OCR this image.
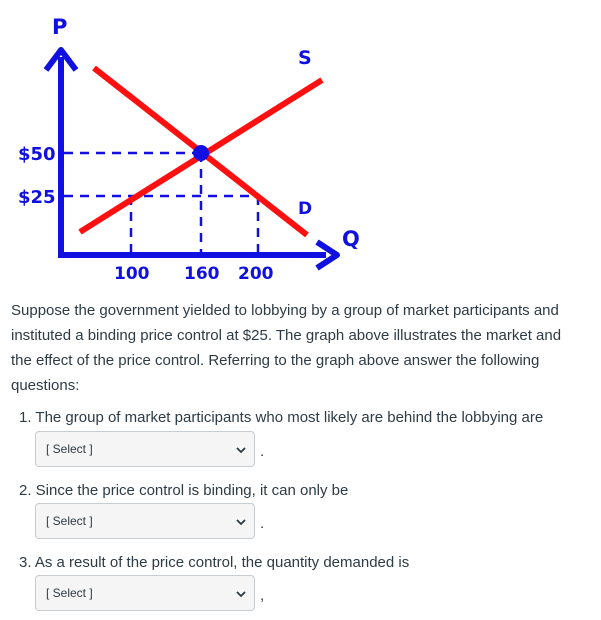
P
Q
S
D
$50
$25
100 160 200

Suppose the government yielded to lobbying by a group of market participants and instituted a binding price control at $25. The graph above illustrates the market and the effect of the price control. Referring to the graph above answer the following questions:

1. The group of market participants who most likely are behind the lobbying are

[ Select ]	.

2. Since the price control is binding, it can only be

[ Select ]	.

3. As a result of the price control, the quantity demanded is

[ Select ]	,
